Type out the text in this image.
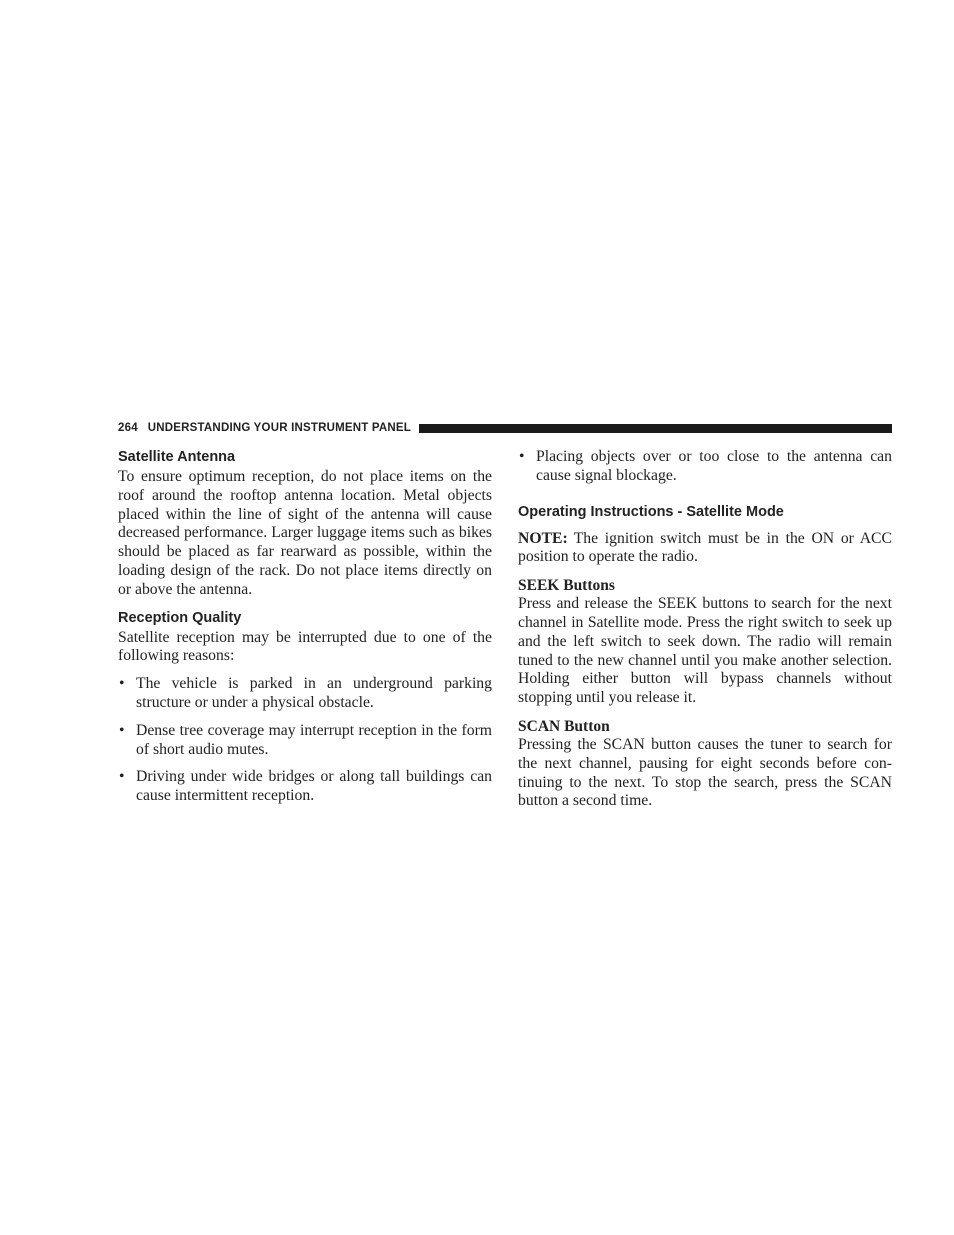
264 UNDERSTANDING YOUR INSTRUMENT PANEL
Satellite Antenna

To ensure optimum reception, do not place items on the roof around the rooftop antenna location. Metal objects placed within the line of sight of the antenna will cause decreased performance. Larger luggage items such as bikes should be placed as far rearward as possible, within the loading design of the rack. Do not place items directly on or above the antenna.

Reception Quality

Satellite reception may be interrupted due to one of the following reasons:

• The vehicle is parked in an underground parking structure or under a physical obstacle.
• Dense tree coverage may interrupt reception in the form of short audio mutes.
• Driving under wide bridges or along tall buildings can cause intermittent reception.
• Placing objects over or too close to the antenna can cause signal blockage.
Operating Instructions - Satellite Mode

NOTE: The ignition switch must be in the ON or ACC position to operate the radio.

SEEK Buttons

Press and release the SEEK buttons to search for the next channel in Satellite mode. Press the right switch to seek up and the left switch to seek down. The radio will remain tuned to the new channel until you make another selection. Holding either button will bypass channels without stopping until you release it.

SCAN Button

Pressing the SCAN button causes the tuner to search for the next channel, pausing for eight seconds before con-tinuing to the next. To stop the search, press the SCAN button a second time.
